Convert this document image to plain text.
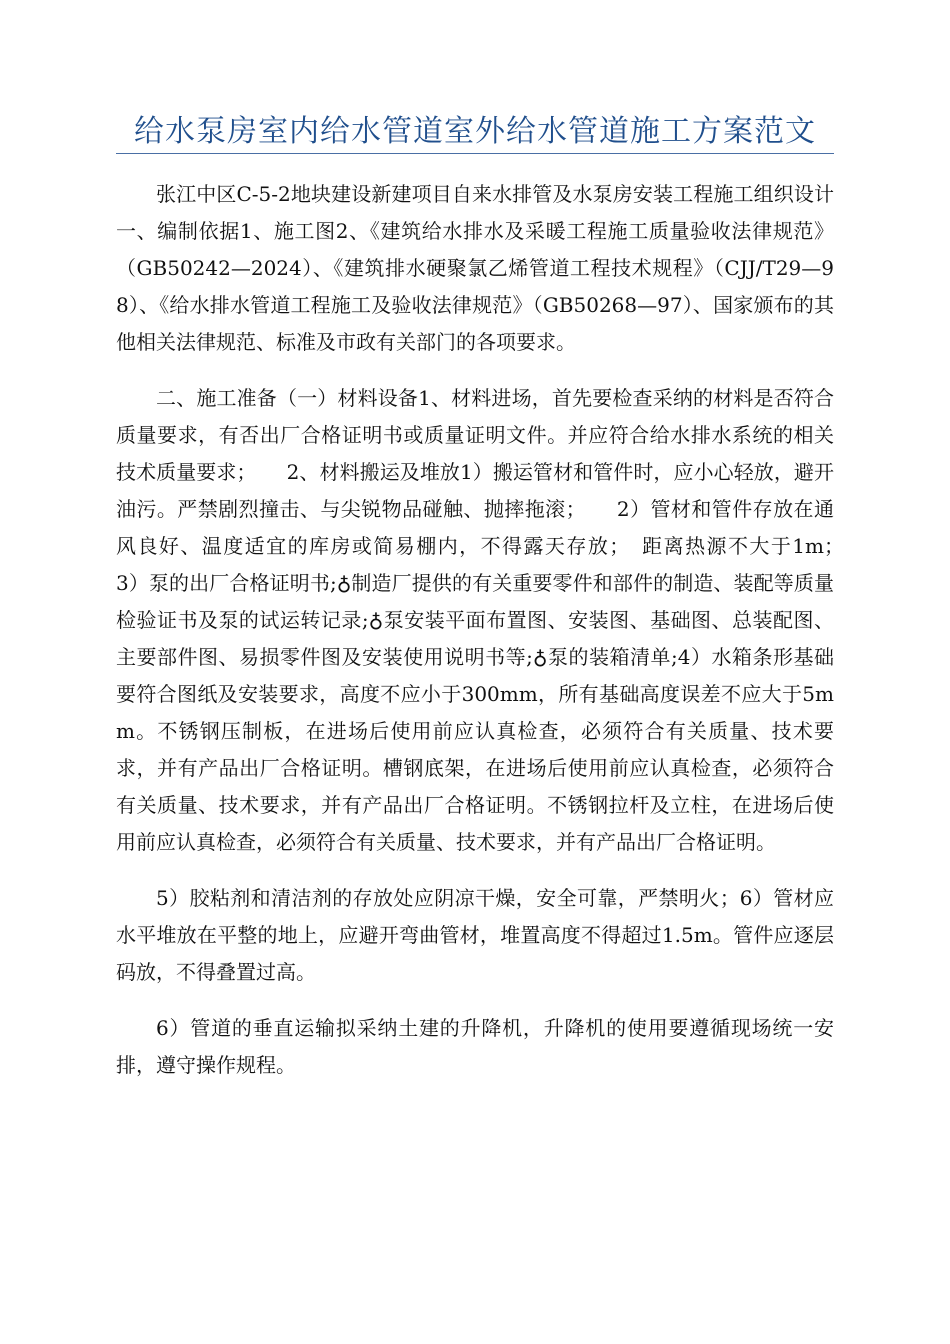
给水泵房室内给水管道室外给水管道施工方案范文

张江中区C-5-2地块建设新建项目自来水排管及水泵房安装工程施工组织设计一、编制依据1、施工图2、《建筑给水排水及采暖工程施工质量验收法律规范》（GB50242—2024）、《建筑排水硬聚氯乙烯管道工程技术规程》（CJJ/T29—98）、《给水排水管道工程施工及验收法律规范》（GB50268—97）、国家颁布的其他相关法律规范、标准及市政有关部门的各项要求。

二、施工准备（一）材料设备1、材料进场，首先要检查采纳的材料是否符合质量要求，有否出厂合格证明书或质量证明文件。并应符合给水排水系统的相关技术质量要求；　　2、材料搬运及堆放1）搬运管材和管件时，应小心轻放，避开油污。严禁剧烈撞击、与尖锐物品碰触、抛摔拖滚；　　2）管材和管件存放在通风良好、温度适宜的库房或简易棚内，不得露天存放；　距离热源不大于1m；　　3）泵的出厂合格证明书;♁制造厂提供的有关重要零件和部件的制造、装配等质量检验证书及泵的试运转记录;♁泵安装平面布置图、安装图、基础图、总装配图、主要部件图、易损零件图及安装使用说明书等;♁泵的装箱清单;4）水箱条形基础要符合图纸及安装要求，高度不应小于300mm，所有基础高度误差不应大于5mm。不锈钢压制板，在进场后使用前应认真检查，必须符合有关质量、技术要求，并有产品出厂合格证明。槽钢底架，在进场后使用前应认真检查，必须符合有关质量、技术要求，并有产品出厂合格证明。不锈钢拉杆及立柱，在进场后使用前应认真检查，必须符合有关质量、技术要求，并有产品出厂合格证明。

5）胶粘剂和清洁剂的存放处应阴凉干燥，安全可靠，严禁明火；6）管材应水平堆放在平整的地上，应避开弯曲管材，堆置高度不得超过1.5m。管件应逐层码放，不得叠置过高。

6）管道的垂直运输拟采纳土建的升降机，升降机的使用要遵循现场统一安排，遵守操作规程。
